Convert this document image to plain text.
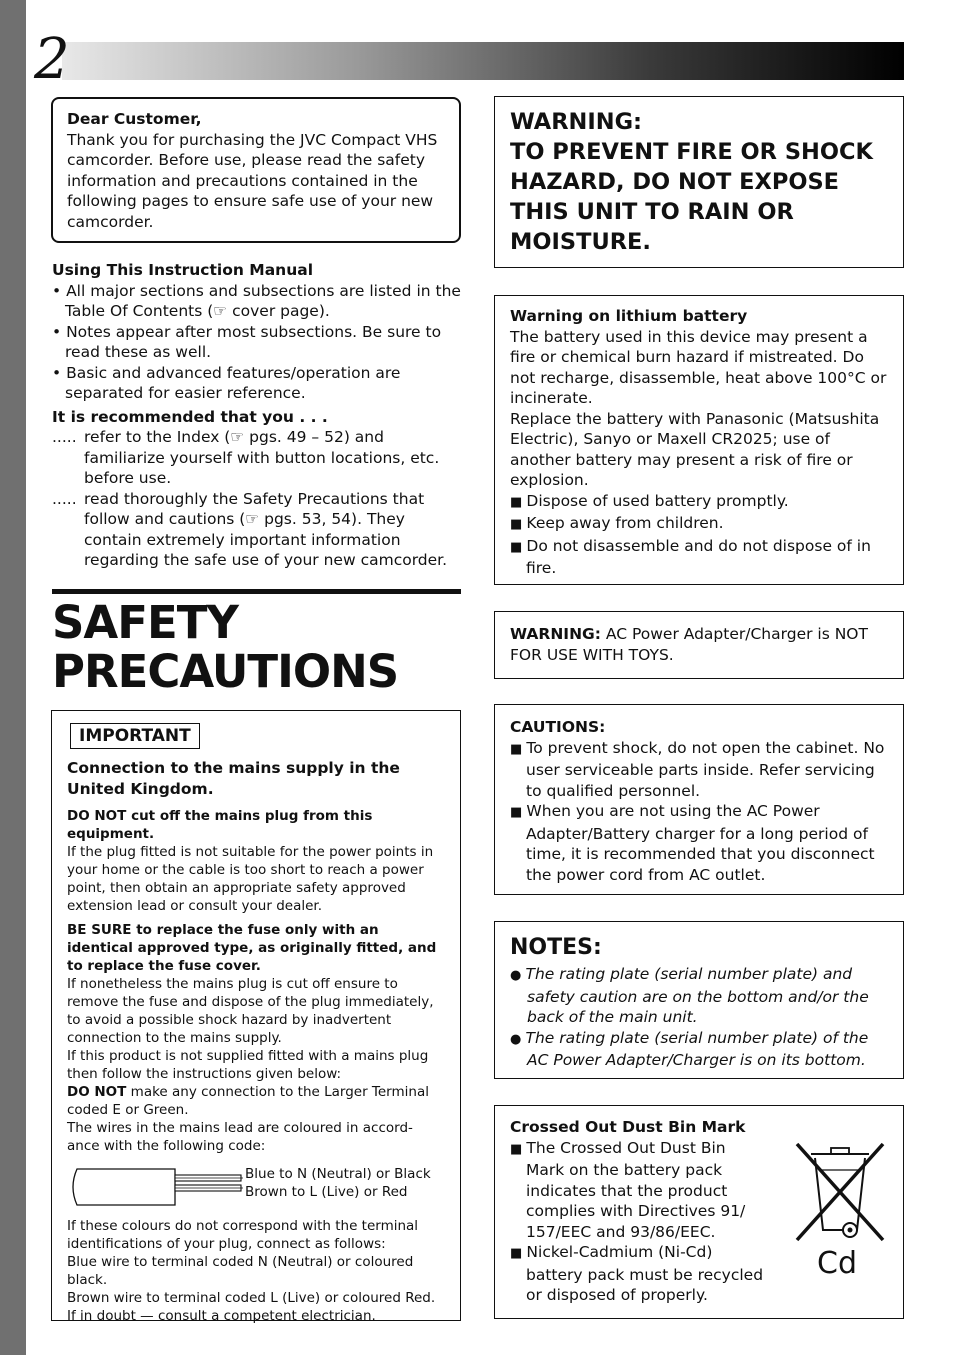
2
Dear Customer,
Thank you for purchasing the JVC Compact VHS
camcorder. Before use, please read the safety
information and precautions contained in the
following pages to ensure safe use of your new
camcorder.
Using This Instruction Manual
• All major sections and subsections are listed in the Table Of Contents (☞ cover page).
• Notes appear after most subsections. Be sure to read these as well.
• Basic and advanced features/operation are separated for easier reference.
It is recommended that you . . .
..... refer to the Index (☞ pgs. 49 – 52) and familiarize yourself with button locations, etc. before use.
..... read thoroughly the Safety Precautions that follow and cautions (☞ pgs. 53, 54). They contain extremely important information regarding the safe use of your new camcorder.
SAFETY
PRECAUTIONS
IMPORTANT
Connection to the mains supply in the United Kingdom.
DO NOT cut off the mains plug from this equipment.
If the plug fitted is not suitable for the power points in your home or the cable is too short to reach a power point, then obtain an appropriate safety approved extension lead or consult your dealer.
BE SURE to replace the fuse only with an identical approved type, as originally fitted, and to replace the fuse cover.
If nonetheless the mains plug is cut off ensure to remove the fuse and dispose of the plug immediately, to avoid a possible shock hazard by inadvertent connection to the mains supply.
If this product is not supplied fitted with a mains plug then follow the instructions given below:
DO NOT make any connection to the Larger Terminal coded E or Green.
The wires in the mains lead are coloured in accord-ance with the following code:
Blue to N (Neutral) or Black
Brown to L (Live) or Red
If these colours do not correspond with the terminal identifications of your plug, connect as follows:
Blue wire to terminal coded N (Neutral) or coloured black.
Brown wire to terminal coded L (Live) or coloured Red.
If in doubt — consult a competent electrician.
WARNING:
TO PREVENT FIRE OR SHOCK
HAZARD, DO NOT EXPOSE
THIS UNIT TO RAIN OR
MOISTURE.
Warning on lithium battery
The battery used in this device may present a fire or chemical burn hazard if mistreated. Do not recharge, disassemble, heat above 100°C or incinerate.
Replace the battery with Panasonic (Matsushita Electric), Sanyo or Maxell CR2025; use of another battery may present a risk of fire or explosion.
■ Dispose of used battery promptly.
■ Keep away from children.
■ Do not disassemble and do not dispose of in fire.
WARNING: AC Power Adapter/Charger is NOT FOR USE WITH TOYS.
CAUTIONS:
■ To prevent shock, do not open the cabinet. No user serviceable parts inside. Refer servicing to qualified personnel.
■ When you are not using the AC Power Adapter/Battery charger for a long period of time, it is recommended that you disconnect the power cord from AC outlet.
NOTES:
● The rating plate (serial number plate) and safety caution are on the bottom and/or the back of the main unit.
● The rating plate (serial number plate) of the AC Power Adapter/Charger is on its bottom.
Crossed Out Dust Bin Mark
■ The Crossed Out Dust Bin Mark on the battery pack indicates that the product complies with Directives 91/ 157/EEC and 93/86/EEC.
■ Nickel-Cadmium (Ni-Cd) battery pack must be recycled or disposed of properly.
Cd
